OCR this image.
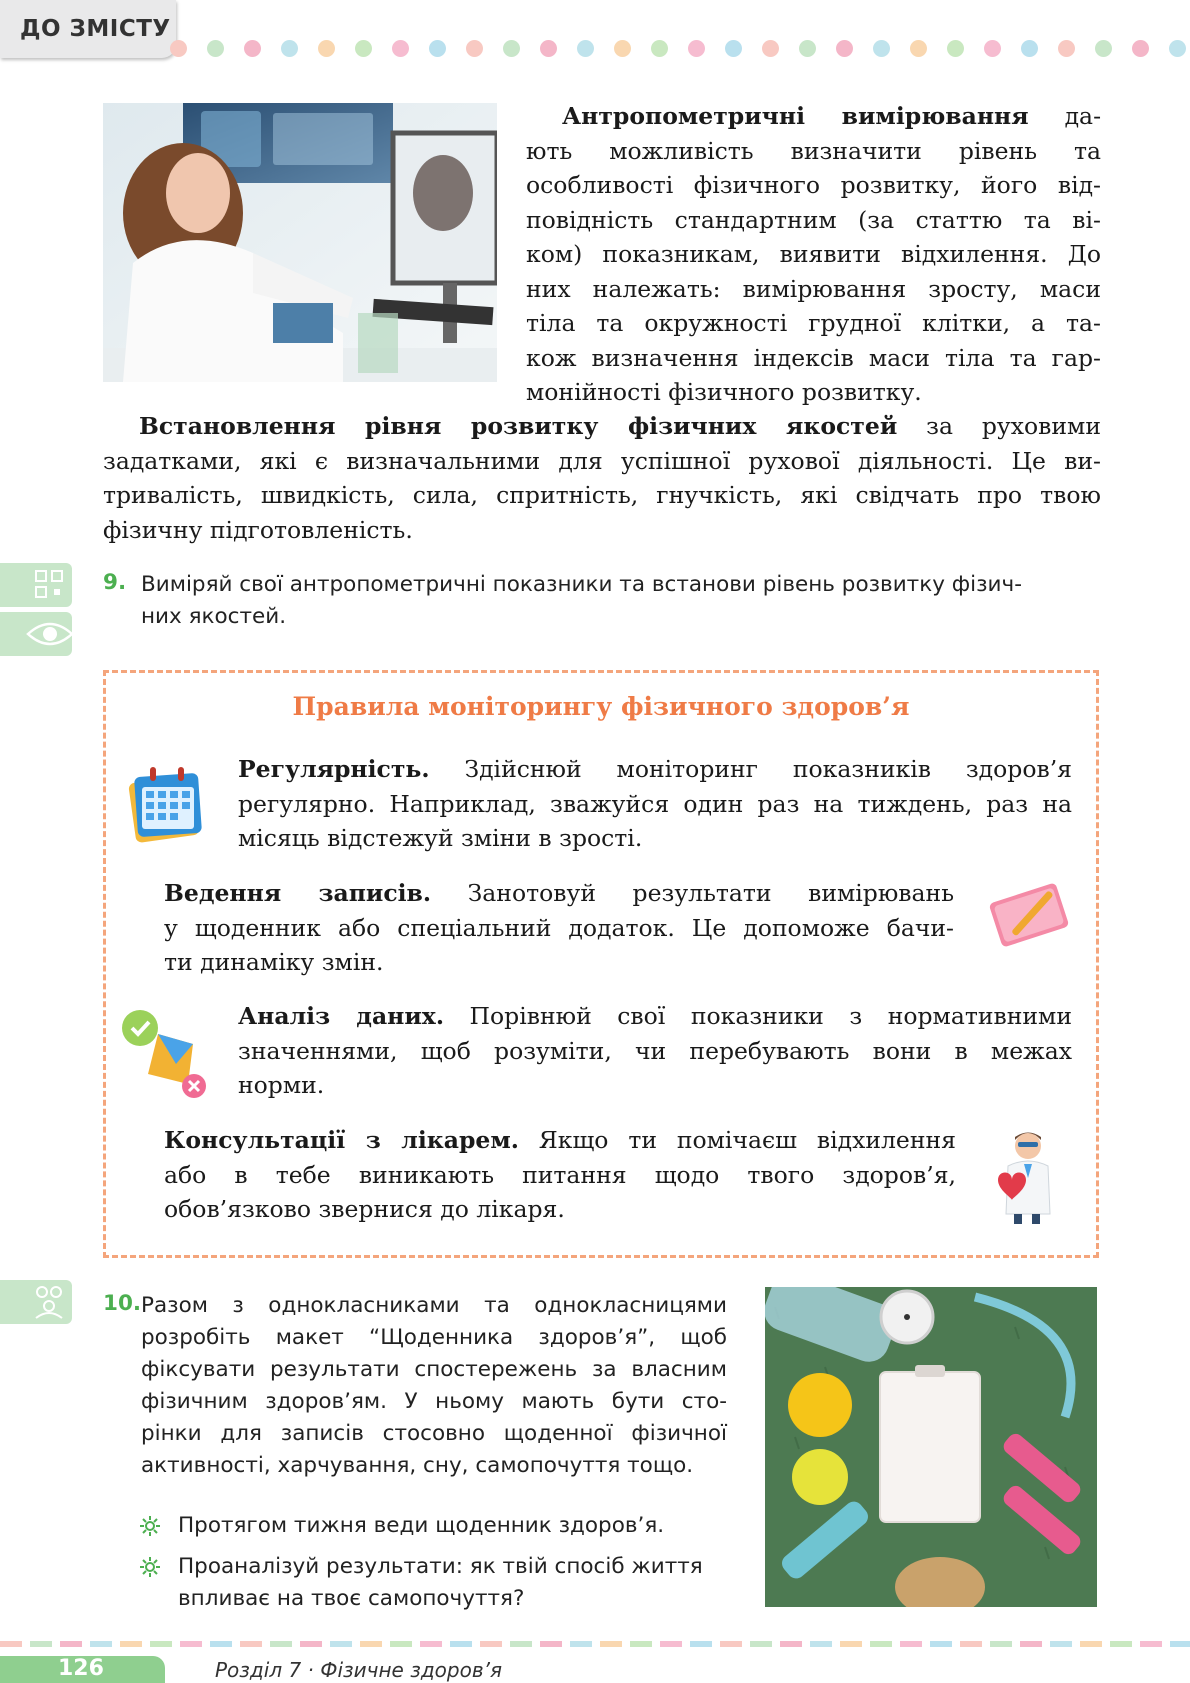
ДО ЗМІСТУ
Антропометричні вимірювання да-
ють можливість визначити рівень та
особливості фізичного розвитку, його від-
повідність стандартним (за статтю та ві-
ком) показникам, виявити відхилення. До
них належать: вимірювання зросту, маси
тіла та окружності грудної клітки, а та-
кож визначення індексів маси тіла та гар-
монійності фізичного розвитку.
Встановлення рівня розвитку фізичних якостей за руховими
задатками, які є визначальними для успішної рухової діяльності. Це ви-
тривалість, швидкість, сила, спритність, гнучкість, які свідчать про твою
фізичну підготовленість.
9. Виміряй свої антропометричні показники та встанови рівень розвитку фізич-
них якостей.
Правила моніторингу фізичного здоров’я
Регулярність. Здійснюй моніторинг показників здоров’я
регулярно. Наприклад, зважуйся один раз на тиждень, раз на
місяць відстежуй зміни в зрості.
Ведення записів. Занотовуй результати вимірювань
у щоденник або спеціальний додаток. Це допоможе бачи-
ти динаміку змін.
Аналіз даних. Порівнюй свої показники з нормативними
значеннями, щоб розуміти, чи перебувають вони в межах
норми.
Консультації з лікарем. Якщо ти помічаєш відхилення
або в тебе виникають питання щодо твого здоров’я,
обов’язково звернися до лікаря.
10. Разом з однокласниками та однокласницями
розробіть макет “Щоденника здоров’я”, щоб
фіксувати результати спостережень за власним
фізичним здоров’ям. У ньому мають бути сто-
рінки для записів стосовно щоденної фізичної
активності, харчування, сну, самопочуття тощо.
Протягом тижня веди щоденник здоров’я.
Проаналізуй результати: як твій спосіб життя
впливає на твоє самопочуття?
126	Розділ 7 · Фізичне здоров’я
